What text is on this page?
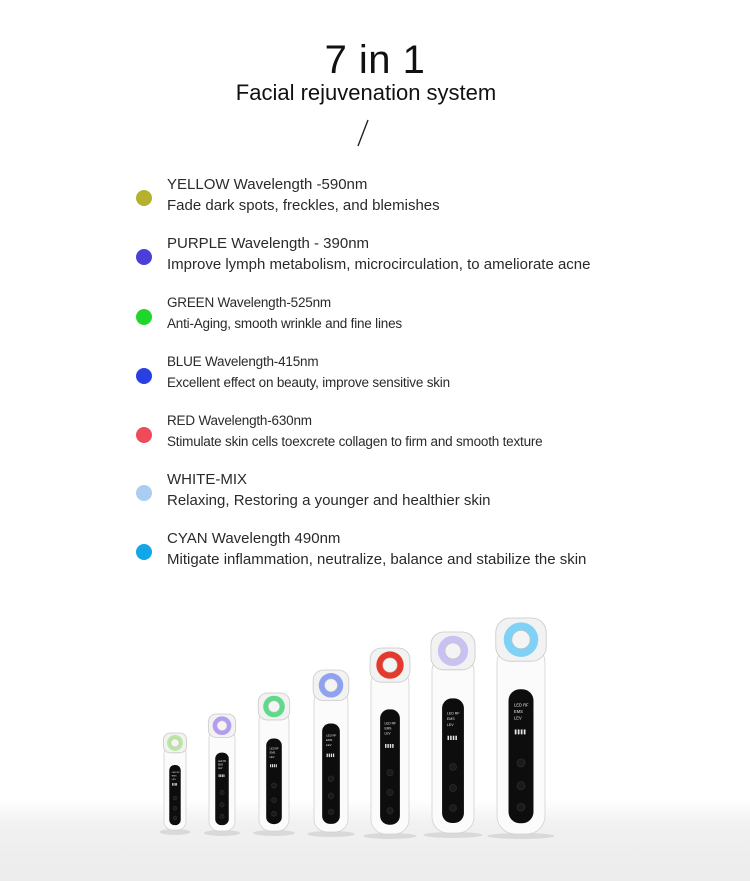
7 in 1
Facial rejuvenation system
YELLOW Wavelength -590nm
Fade dark spots, freckles, and blemishes
PURPLE Wavelength - 390nm
Improve lymph metabolism, microcirculation, to ameliorate acne
GREEN Wavelength-525nm
Anti-Aging, smooth wrinkle and fine lines
BLUE Wavelength-415nm
Excellent effect on beauty, improve sensitive skin
RED Wavelength-630nm
Stimulate skin cells toexcrete collagen to firm and smooth texture
WHITE-MIX
Relaxing, Restoring a younger and healthier skin
CYAN Wavelength 490nm
Mitigate inflammation, neutralize, balance and stabilize the skin
LED RF
EMS
LEV
LED RF
EMS
LEV
LED RF
EMS
LEV
LED RF
EMS
LEV
LED RF
EMS
LEV
LED RF
EMS
LEV
LED RF
EMS
LEV
